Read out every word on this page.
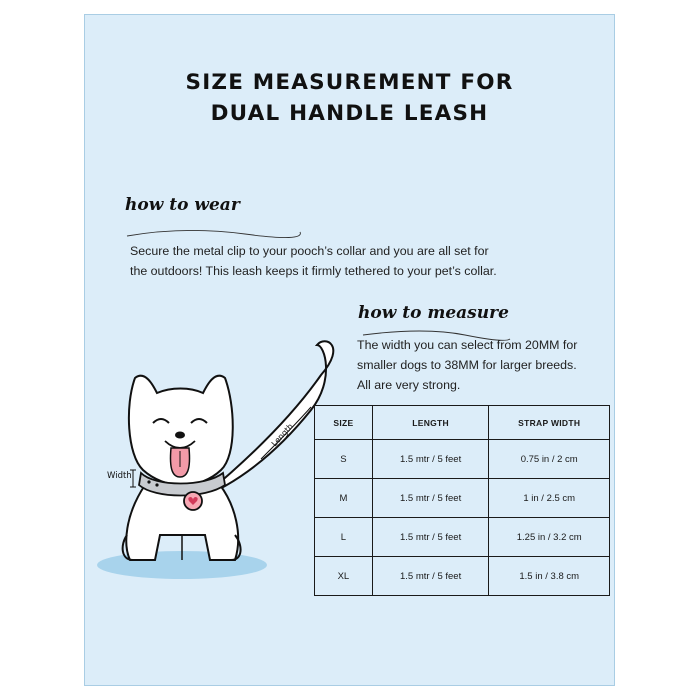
SIZE MEASUREMENT FOR
DUAL HANDLE LEASH
how to wear
Secure the metal clip to your pooch’s collar and you are all set for
the outdoors! This leash keeps it firmly tethered to your pet’s collar.
how to measure
The width you can select from 20MM for
smaller dogs to 38MM for larger breeds.
All are very strong.
Length
Width
SIZE	LENGTH	STRAP WIDTH
S	1.5 mtr / 5 feet	0.75 in / 2 cm
M	1.5 mtr / 5 feet	1 in / 2.5 cm
L	1.5 mtr / 5 feet	1.25 in / 3.2 cm
XL	1.5 mtr / 5 feet	1.5 in / 3.8 cm
